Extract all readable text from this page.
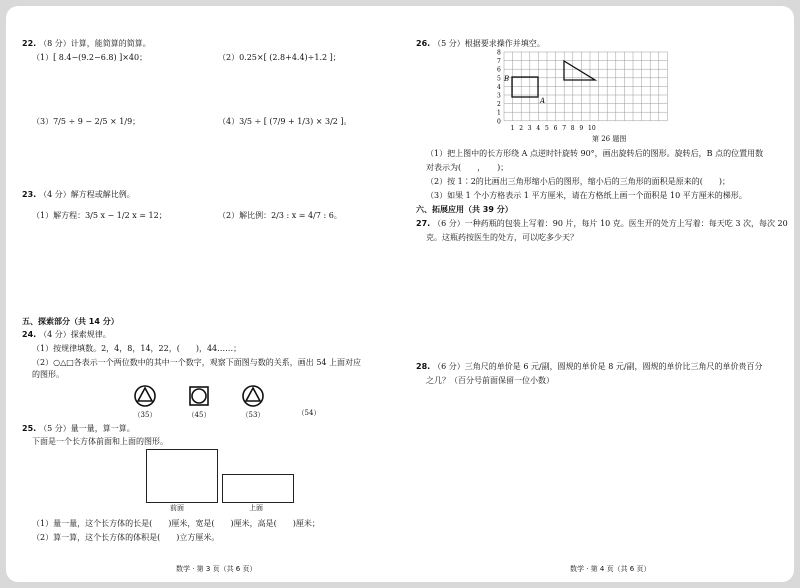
22. （8 分）计算，能简算的简算。
（1）[ 8.4−(9.2−6.8) ]×40；	（2）0.25×[ (2.8+4.4)÷1.2 ]；
（3）7/5 ÷ 9 − 2/5 × 1/9；	（4）3/5 ÷ [ (7/9 + 1/3) × 3/2 ]。
23. （4 分）解方程或解比例。
（1）解方程：3/5 x − 1/2 x = 12；	（2）解比例：2/3 : x = 4/7 : 6。
五、探索部分（共 14 分）
24. （4 分）探索规律。
（1）按规律填数。2，4，8，14，22，(　　)，44……；
（2）○△□各表示一个两位数中的其中一个数字，观察下面图与数的关系，画出 54 上面对应
的图形。
（35）	（45）	（53）	（54）
25. （5 分）量一量，算一算。
下面是一个长方体前面和上面的图形。
前面	上面
（1）量一量，这个长方体的长是(　　)厘米，宽是(　　)厘米，高是(　　)厘米；
（2）算一算，这个长方体的体积是(　　)立方厘米。
数学 · 第 3 页（共 6 页）
26. （5 分）根据要求操作并填空。
8
7
6
5
4
3
2
1
0
1 2 3 4 5 6 7 8 9 10
B
A
第 26 题图
（1）把上图中的长方形绕 A 点逆时针旋转 90°，画出旋转后的图形。旋转后，B 点的位置用数
对表示为(　　，　　)；
（2）按 1∶2的比画出三角形缩小后的图形，缩小后的三角形的面积是原来的(　　)；
（3）如果 1 个小方格表示 1 平方厘米，请在方格纸上画一个面积是 10 平方厘米的梯形。
六、拓展应用（共 39 分）
27. （6 分）一种药瓶的包装上写着：90 片，每片 10 克。医生开的处方上写着：每天吃 3 次，每次 20
克。这瓶药按医生的处方，可以吃多少天？
28. （6 分）三角尺的单价是 6 元/副，圆规的单价是 8 元/副，圆规的单价比三角尺的单价贵百分
之几？（百分号前面保留一位小数）
数学 · 第 4 页（共 6 页）
